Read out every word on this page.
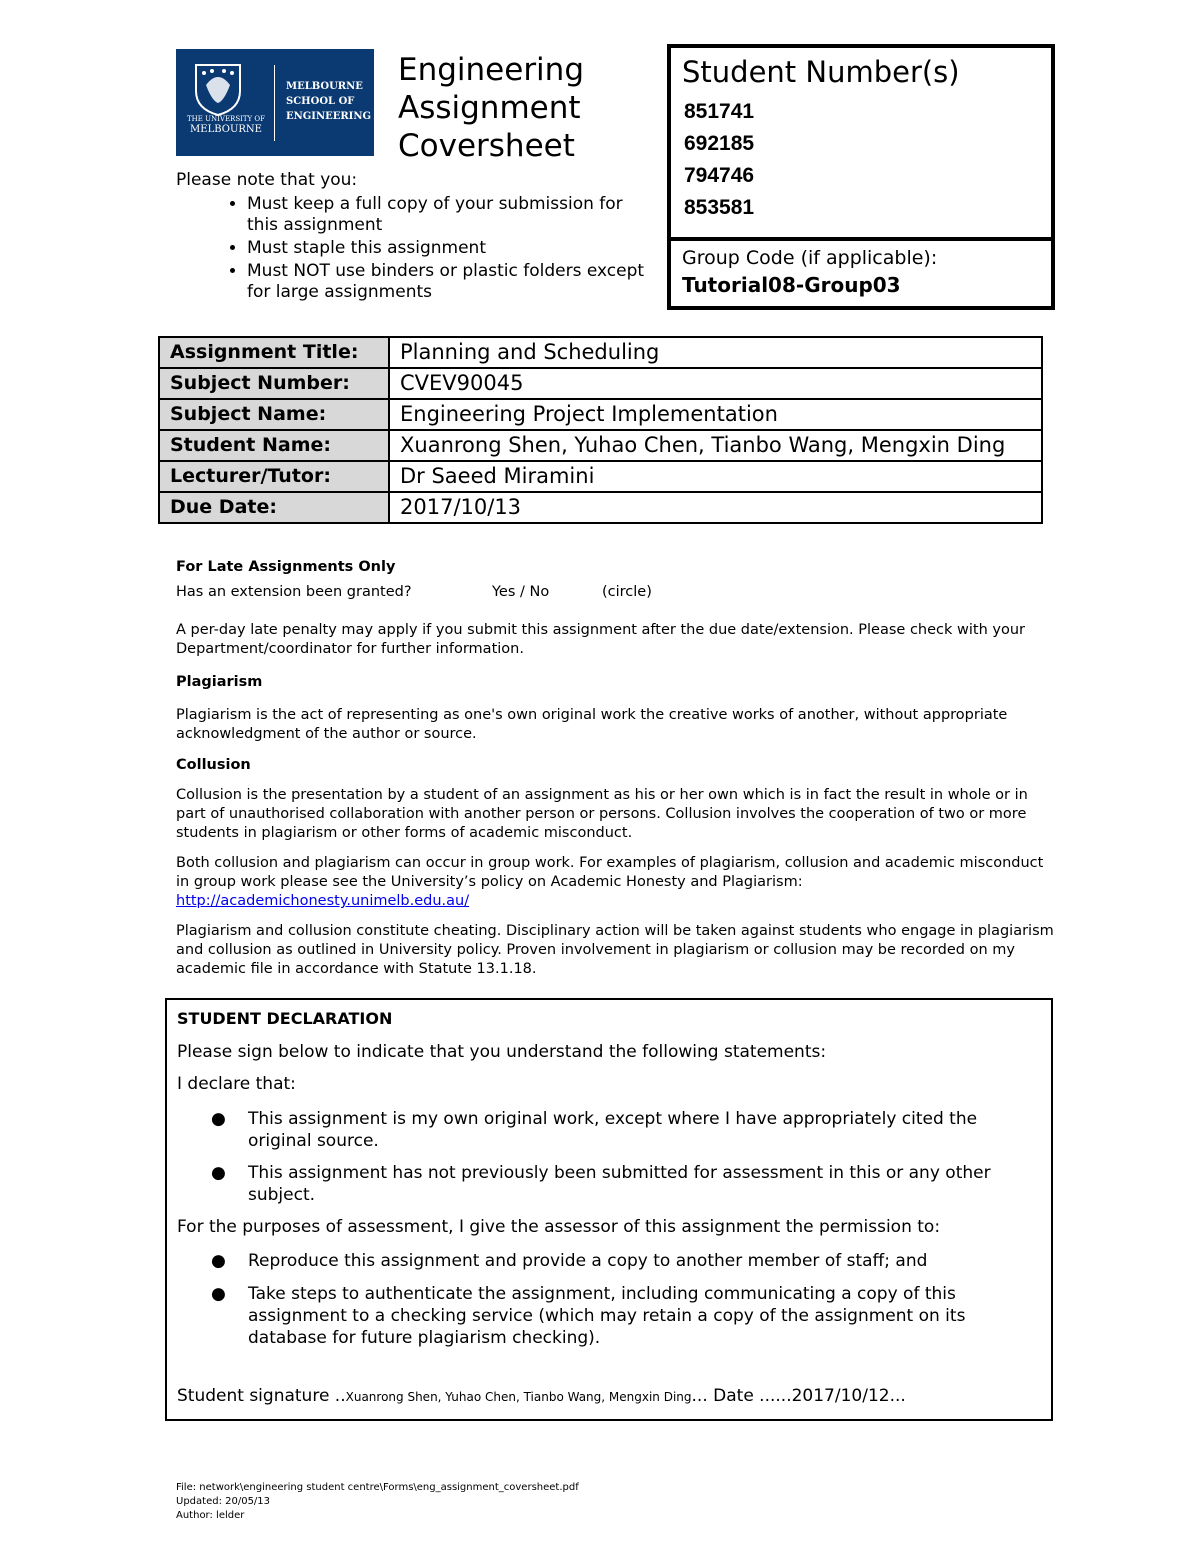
THE UNIVERSITY OF
MELBOURNE
MELBOURNE
SCHOOL OF
ENGINEERING
Engineering
Assignment
Coversheet
Please note that you:
• Must keep a full copy of your submission for this assignment
• Must staple this assignment
• Must NOT use binders or plastic folders except for large assignments
Student Number(s)
851741
692185
794746
853581
Group Code (if applicable):
Tutorial08-Group03
Assignment Title:	Planning and Scheduling
Subject Number:	CVEV90045
Subject Name:	Engineering Project Implementation
Student Name:	Xuanrong Shen, Yuhao Chen, Tianbo Wang, Mengxin Ding
Lecturer/Tutor:	Dr Saeed Miramini
Due Date:	2017/10/13

For Late Assignments Only

Has an extension been granted?	Yes / No	(circle)

A per-day late penalty may apply if you submit this assignment after the due date/extension. Please check with your Department/coordinator for further information.

Plagiarism

Plagiarism is the act of representing as one's own original work the creative works of another, without appropriate acknowledgment of the author or source.

Collusion

Collusion is the presentation by a student of an assignment as his or her own which is in fact the result in whole or in part of unauthorised collaboration with another person or persons. Collusion involves the cooperation of two or more students in plagiarism or other forms of academic misconduct.

Both collusion and plagiarism can occur in group work. For examples of plagiarism, collusion and academic misconduct in group work please see the University’s policy on Academic Honesty and Plagiarism:

http://academichonesty.unimelb.edu.au/

Plagiarism and collusion constitute cheating. Disciplinary action will be taken against students who engage in plagiarism and collusion as outlined in University policy. Proven involvement in plagiarism or collusion may be recorded on my academic file in accordance with Statute 13.1.18.

STUDENT DECLARATION
Please sign below to indicate that you understand the following statements:
I declare that:
● This assignment is my own original work, except where I have appropriately cited the original source.
● This assignment has not previously been submitted for assessment in this or any other subject.
For the purposes of assessment, I give the assessor of this assignment the permission to:
● Reproduce this assignment and provide a copy to another member of staff; and
● Take steps to authenticate the assignment, including communicating a copy of this assignment to a checking service (which may retain a copy of the assignment on its database for future plagiarism checking).
Student signature ..Xuanrong Shen, Yuhao Chen, Tianbo Wang, Mengxin Ding... Date ......2017/10/12...
File: network\engineering student centre\Forms\eng_assignment_coversheet.pdf
Updated: 20/05/13
Author: lelder
